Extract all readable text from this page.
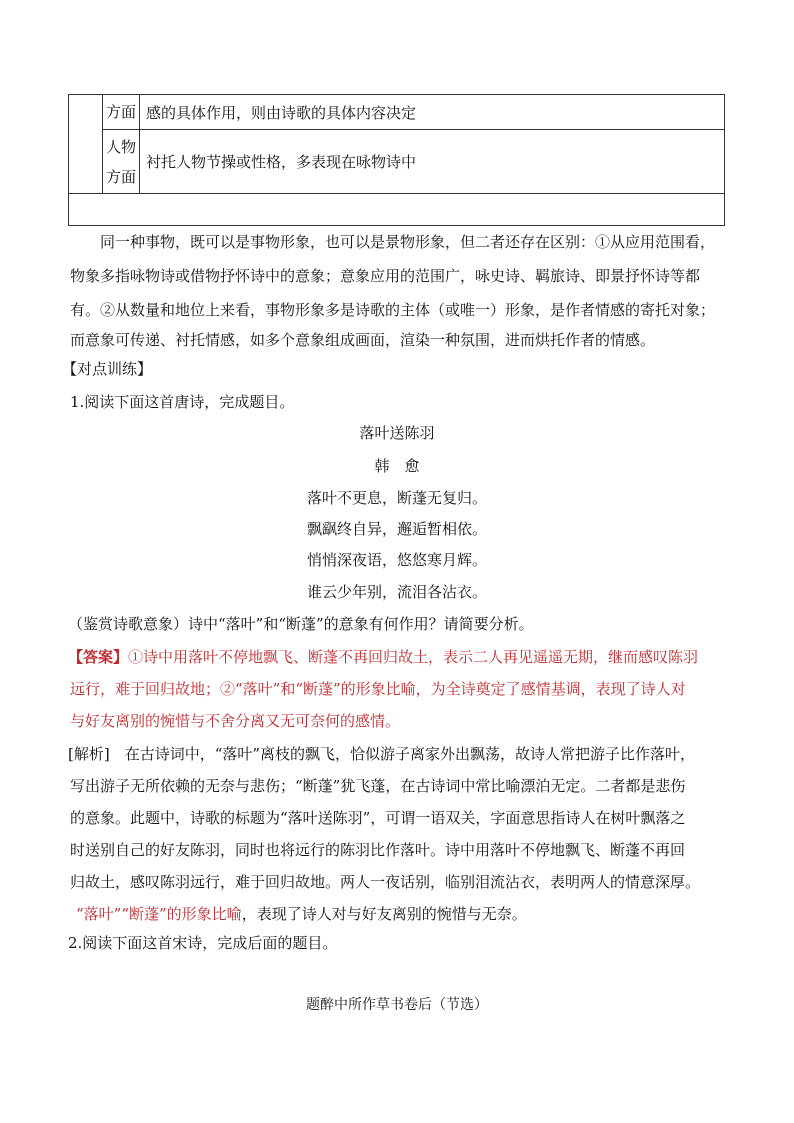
	方面	感的具体作用，则由诗歌的具体内容决定

	人物
方面	衬托人物节操或性格，多表现在咏物诗中

同一种事物，既可以是事物形象，也可以是景物形象，但二者还存在区别：①从应用范围看，
物象多指咏物诗或借物抒怀诗中的意象；意象应用的范围广，咏史诗、羁旅诗、即景抒怀诗等都
有。②从数量和地位上来看，事物形象多是诗歌的主体（或唯一）形象，是作者情感的寄托对象；
而意象可传递、衬托情感，如多个意象组成画面，渲染一种氛围，进而烘托作者的情感。
【对点训练】
1.阅读下面这首唐诗，完成题目。
落叶送陈羽
韩　愈
落叶不更息，断蓬无复归。
飘飖终自异，邂逅暂相依。
悄悄深夜语，悠悠寒月辉。
谁云少年别，流泪各沾衣。
（鉴赏诗歌意象）诗中“落叶”和“断蓬”的意象有何作用？请简要分析。
【答案】①诗中用落叶不停地飘飞、断蓬不再回归故土，表示二人再见遥遥无期，继而感叹陈羽
远行，难于回归故地；②“落叶”和“断蓬”的形象比喻，为全诗奠定了感情基调，表现了诗人对
与好友离别的惋惜与不舍分离又无可奈何的感情。
[解析]　在古诗词中，“落叶”离枝的飘飞，恰似游子离家外出飘荡，故诗人常把游子比作落叶，
写出游子无所依赖的无奈与悲伤；“断蓬”犹飞蓬，在古诗词中常比喻漂泊无定。二者都是悲伤
的意象。此题中，诗歌的标题为“落叶送陈羽”，可谓一语双关，字面意思指诗人在树叶飘落之
时送别自己的好友陈羽，同时也将远行的陈羽比作落叶。诗中用落叶不停地飘飞、断蓬不再回
归故土，感叹陈羽远行，难于回归故地。两人一夜话别，临别泪流沾衣，表明两人的情意深厚。
“落叶”“断蓬”的形象比喻，表现了诗人对与好友离别的惋惜与无奈。
2.阅读下面这首宋诗，完成后面的题目。
题醉中所作草书卷后（节选）
